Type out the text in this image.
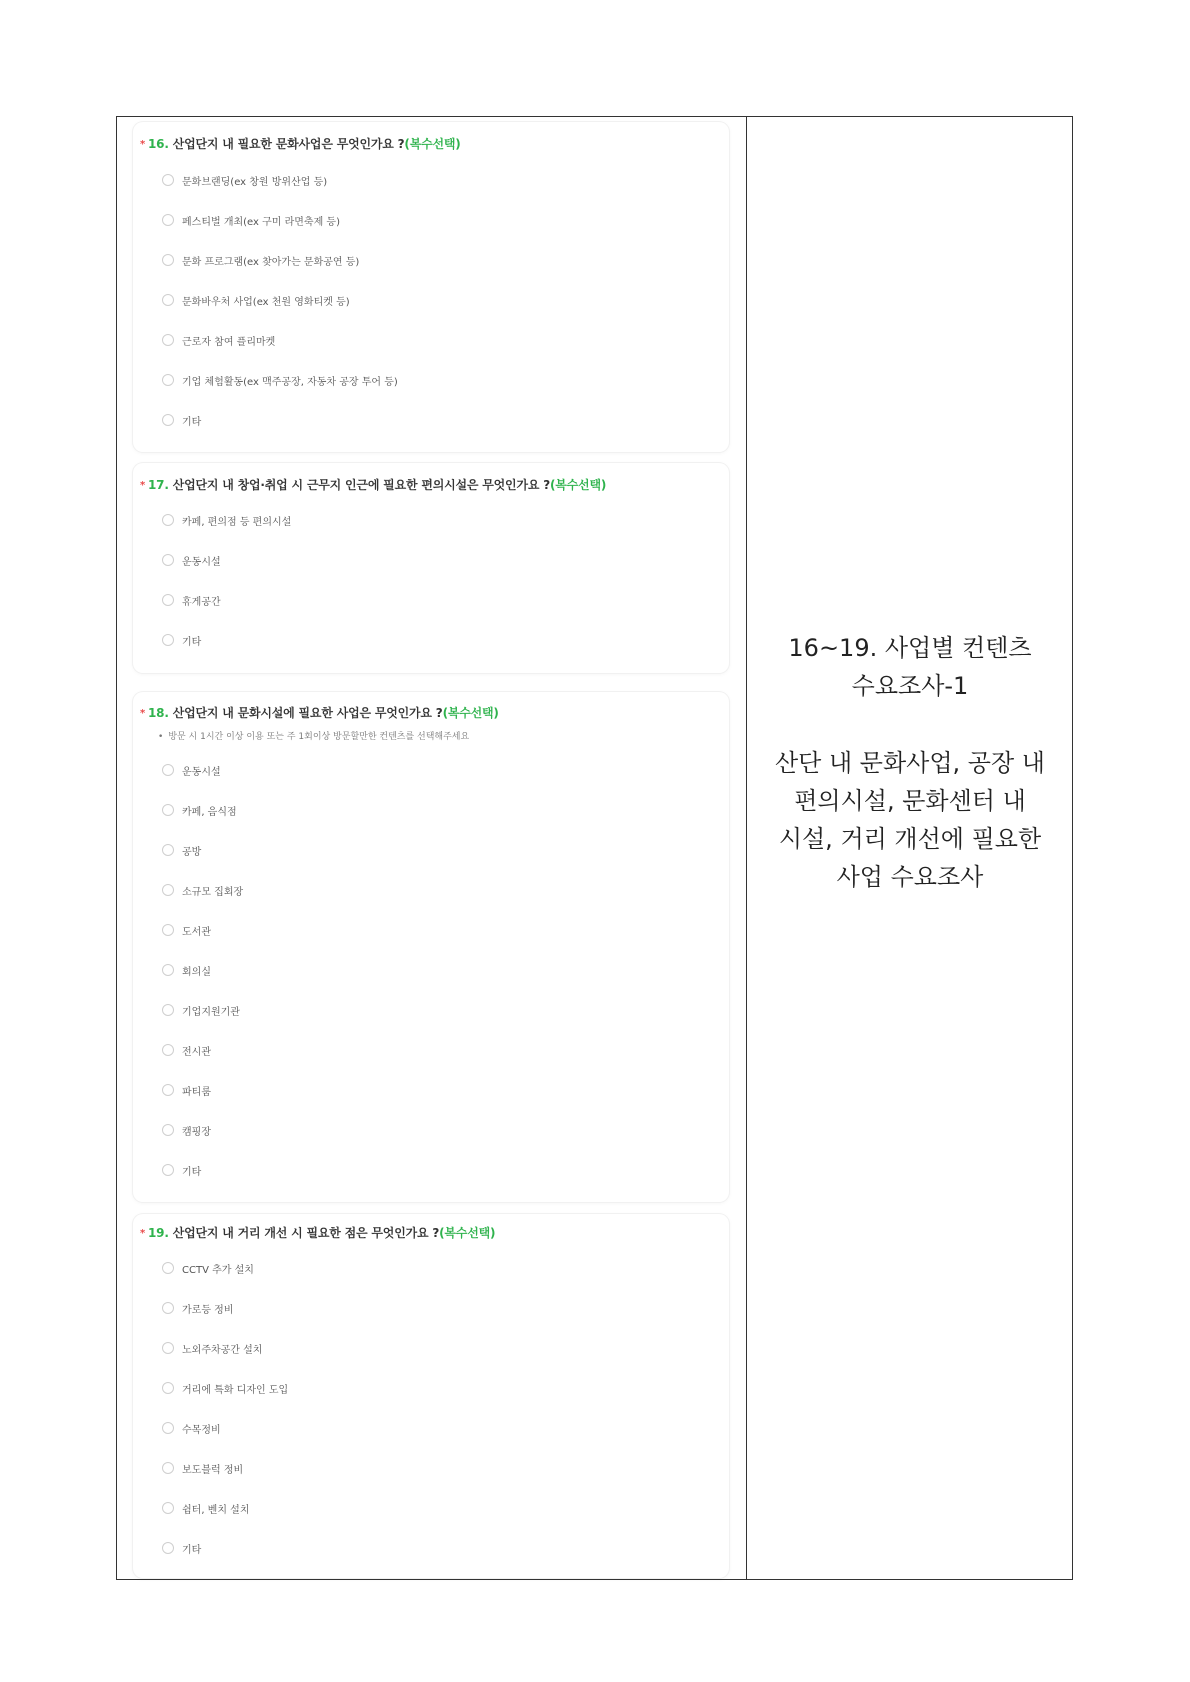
* 16. 산업단지 내 필요한 문화사업은 무엇인가요 ?(복수선택)
문화브랜딩(ex 창원 방위산업 등)
페스티벌 개최(ex 구미 라면축제 등)
문화 프로그램(ex 찾아가는 문화공연 등)
문화바우처 사업(ex 천원 영화티켓 등)
근로자 참여 플리마켓
기업 체험활동(ex 맥주공장, 자동차 공장 투어 등)
기타
* 17. 산업단지 내 창업·취업 시 근무지 인근에 필요한 편의시설은 무엇인가요 ?(복수선택)
카페, 편의점 등 편의시설
운동시설
휴게공간
기타
* 18. 산업단지 내 문화시설에 필요한 사업은 무엇인가요 ?(복수선택)
• 방문 시 1시간 이상 이용 또는 주 1회이상 방문할만한 컨텐츠를 선택해주세요
운동시설
카페, 음식점
공방
소규모 집회장
도서관
회의실
기업지원기관
전시관
파티룸
캠핑장
기타
* 19. 산업단지 내 거리 개선 시 필요한 점은 무엇인가요 ?(복수선택)
CCTV 추가 설치
가로등 정비
노외주차공간 설치
거리에 특화 디자인 도입
수목정비
보도블럭 정비
쉼터, 벤치 설치
기타
16~19. 사업별 컨텐츠
수요조사-1
산단 내 문화사업, 공장 내
편의시설, 문화센터 내
시설, 거리 개선에 필요한
사업 수요조사
